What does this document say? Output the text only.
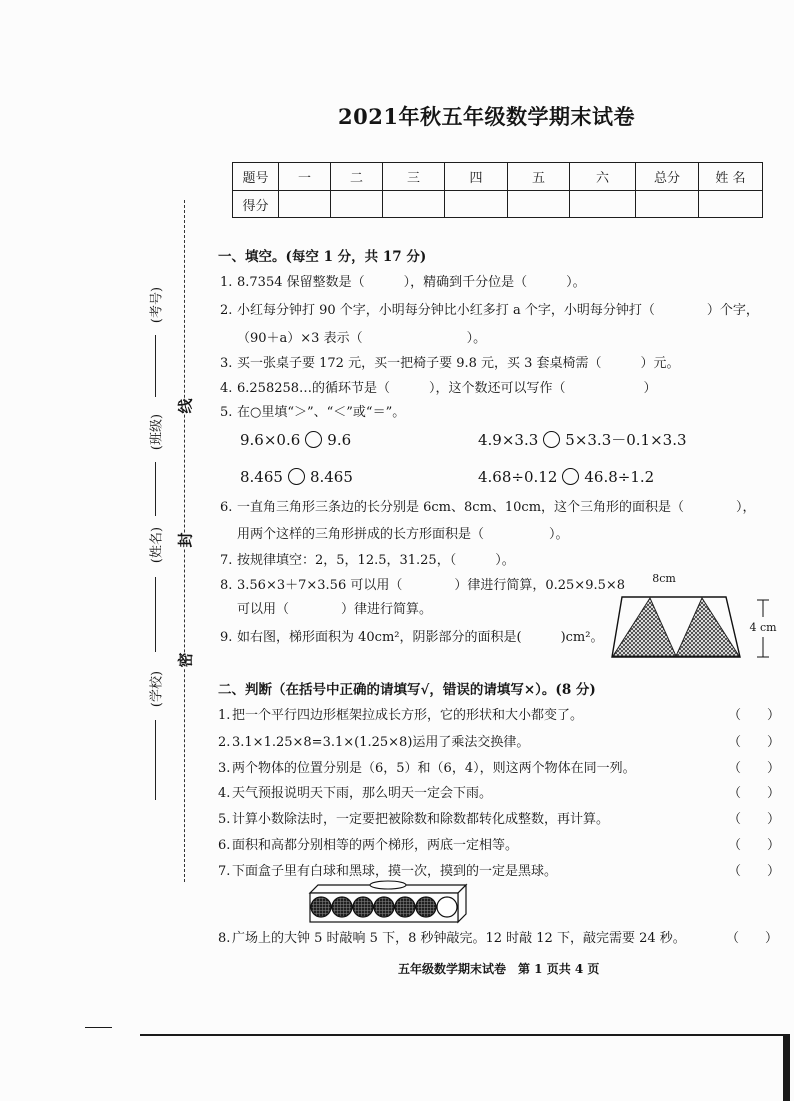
2021年秋五年级数学期末试卷
题号	一	二	三	四	五	六	总分	姓 名
得分								
(考号)
(班级)
(姓名)
(学校)
线
封
密
一、填空。(每空 1 分，共 17 分)
1. 8.7354 保留整数是（　　　），精确到千分位是（　　　）。
2. 小红每分钟打 90 个字，小明每分钟比小红多打 a 个字，小明每分钟打（　　　　）个字，
（90＋a）×3 表示（　　　　　　　　）。
3. 买一张桌子要 172 元，买一把椅子要 9.8 元，买 3 套桌椅需（　　　）元。
4. 6.258258…的循环节是（　　　），这个数还可以写作（　　　　　　）
5. 在○里填“＞”、“＜”或“＝”。
9.6×0.6 9.6	4.9×3.3 5×3.3－0.1×3.3
8.465 8.465	4.68÷0.12 46.8÷1.2
6. 一直角三角形三条边的长分别是 6cm、8cm、10cm，这个三角形的面积是（　　　　），
用两个这样的三角形拼成的长方形面积是（　　　　　）。
7. 按规律填空：2，5，12.5，31.25，（　　　）。
8. 3.56×3＋7×3.56 可以用（　　　　）律进行简算，0.25×9.5×8
可以用（　　　　）律进行简算。
9. 如右图，梯形面积为 40cm²，阴影部分的面积是(　　　)cm²。
8cm
4 cm
二、判断（在括号中正确的请填写√，错误的请填写×）。(8 分)
1. 把一个平行四边形框架拉成长方形，它的形状和大小都变了。	（　　）
2. 3.1×1.25×8=3.1×(1.25×8)运用了乘法交换律。	（　　）
3. 两个物体的位置分别是（6，5）和（6，4），则这两个物体在同一列。	（　　）
4. 天气预报说明天下雨，那么明天一定会下雨。	（　　）
5. 计算小数除法时，一定要把被除数和除数都转化成整数，再计算。	（　　）
6. 面积和高都分别相等的两个梯形，两底一定相等。	（　　）
7. 下面盒子里有白球和黑球，摸一次，摸到的一定是黑球。	（　　）
8. 广场上的大钟 5 时敲响 5 下，8 秒钟敲完。12 时敲 12 下，敲完需要 24 秒。	（　　）
五年级数学期末试卷 第 1 页共 4 页
